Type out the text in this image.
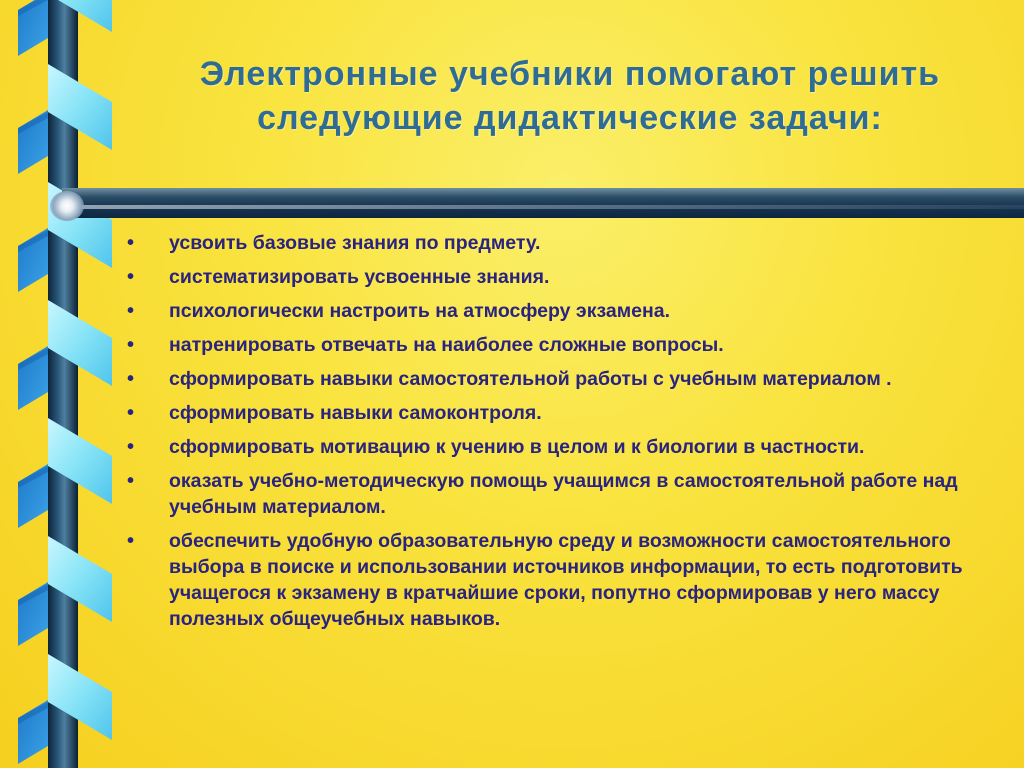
Электронные учебники помогают решить
следующие дидактические задачи:
• усвоить базовые знания по предмету.
• систематизировать усвоенные знания.
• психологически настроить на атмосферу экзамена.
• натренировать отвечать на наиболее сложные вопросы.
• сформировать навыки самостоятельной работы с учебным материалом .
• сформировать навыки самоконтроля.
• сформировать мотивацию к учению в целом и к биологии в частности.
• оказать учебно-методическую помощь учащимся в самостоятельной работе над учебным материалом.
• обеспечить удобную образовательную среду и возможности самостоятельного выбора в поиске и использовании источников информации, то есть подготовить учащегося к экзамену в кратчайшие сроки, попутно сформировав у него массу полезных общеучебных навыков.
